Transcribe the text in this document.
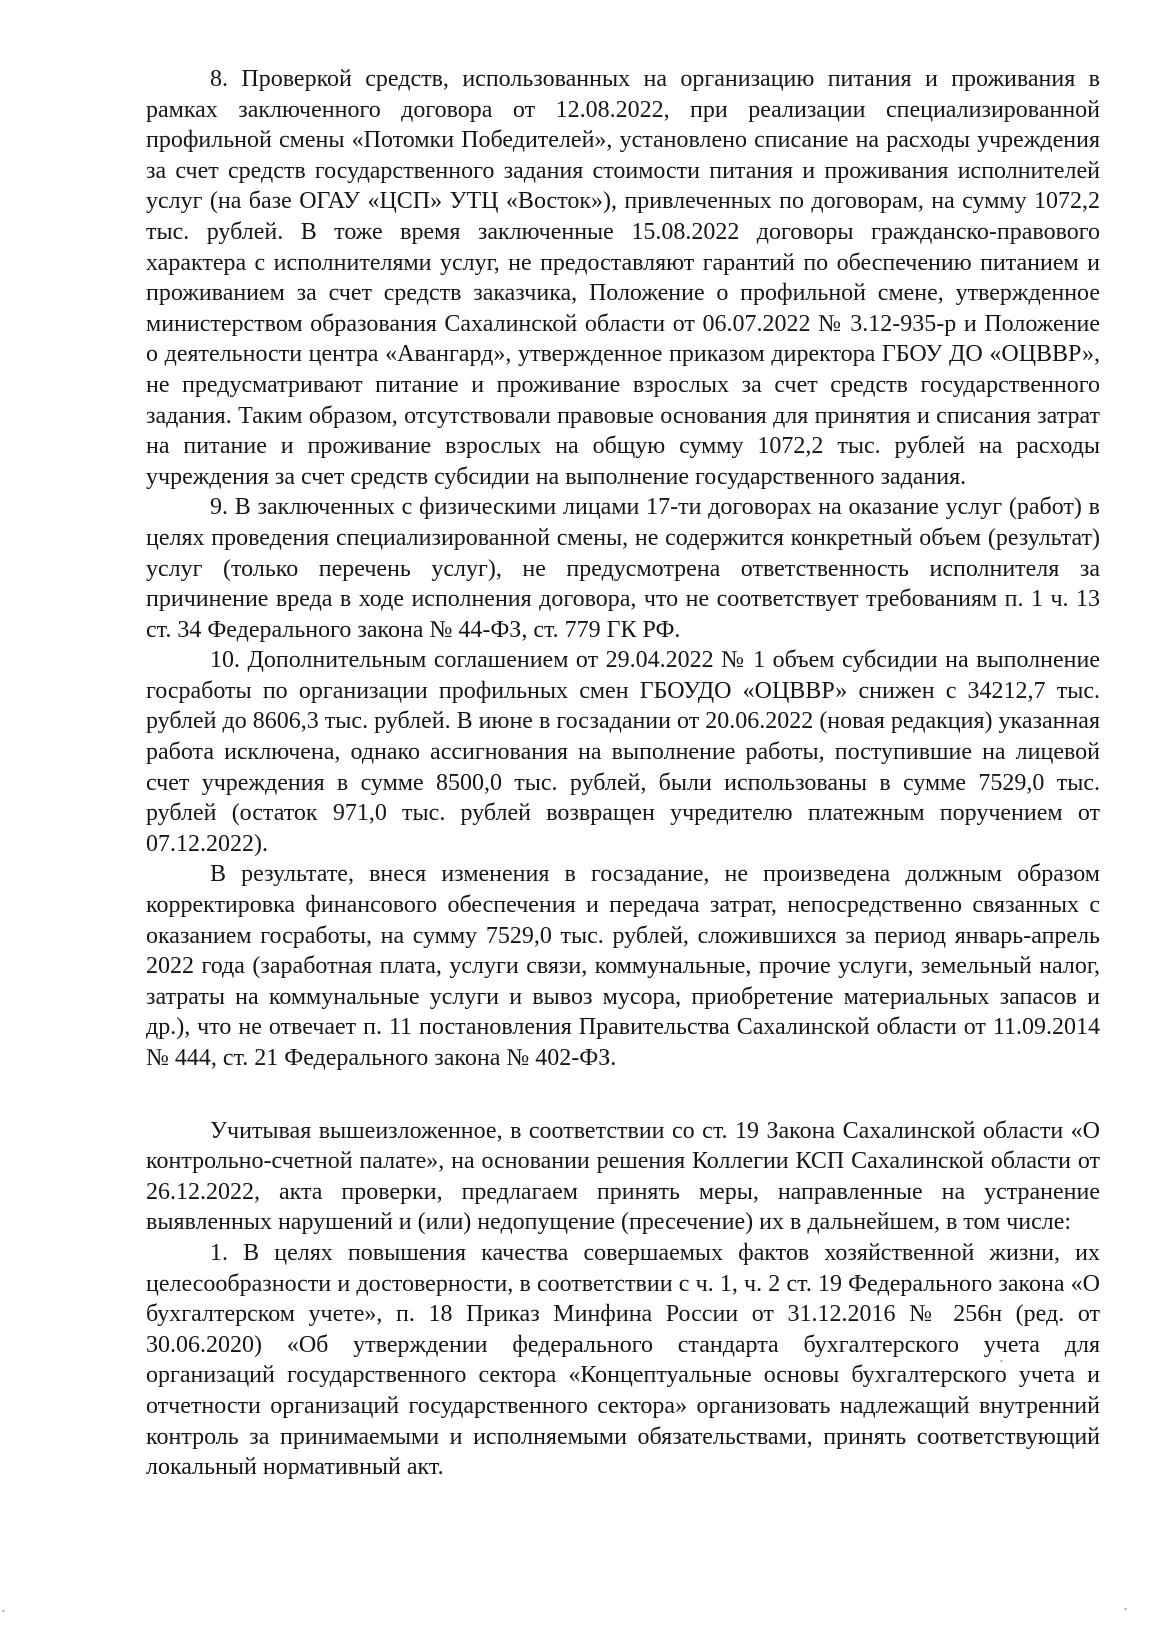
8. Проверкой средств, использованных на организацию питания и проживания в рамках заключенного договора от 12.08.2022, при реализации специализированной профильной смены «Потомки Победителей», установлено списание на расходы учреждения за счет средств государственного задания стоимости питания и проживания исполнителей услуг (на базе ОГАУ «ЦСП» УТЦ «Восток»), привлеченных по договорам, на сумму 1072,2 тыс. рублей. В тоже время заключенные 15.08.2022 договоры гражданско-правового характера с исполнителями услуг, не предоставляют гарантий по обеспечению питанием и проживанием за счет средств заказчика, Положение о профильной смене, утвержденное министерством образования Сахалинской области от 06.07.2022 № 3.12-935-р и Положение о деятельности центра «Авангард», утвержденное приказом директора ГБОУ ДО «ОЦВВР», не предусматривают питание и проживание взрослых за счет средств государственного задания. Таким образом, отсутствовали правовые основания для принятия и списания затрат на питание и проживание взрослых на общую сумму 1072,2 тыс. рублей на расходы учреждения за счет средств субсидии на выполнение государственного задания.

9. В заключенных с физическими лицами 17-ти договорах на оказание услуг (работ) в целях проведения специализированной смены, не содержится конкретный объем (результат) услуг (только перечень услуг), не предусмотрена ответственность исполнителя за причинение вреда в ходе исполнения договора, что не соответствует требованиям п. 1 ч. 13 ст. 34 Федерального закона № 44-ФЗ, ст. 779 ГК РФ.

10. Дополнительным соглашением от 29.04.2022 № 1 объем субсидии на выполнение госработы по организации профильных смен ГБОУДО «ОЦВВР» снижен с 34212,7 тыс. рублей до 8606,3 тыс. рублей. В июне в госзадании от 20.06.2022 (новая редакция) указанная работа исключена, однако ассигнования на выполнение работы, поступившие на лицевой счет учреждения в сумме 8500,0 тыс. рублей, были использованы в сумме 7529,0 тыс. рублей (остаток 971,0 тыс. рублей возвращен учредителю платежным поручением от 07.12.2022).

В результате, внеся изменения в госзадание, не произведена должным образом корректировка финансового обеспечения и передача затрат, непосредственно связанных с оказанием госработы, на сумму 7529,0 тыс. рублей, сложившихся за период январь-апрель 2022 года (заработная плата, услуги связи, коммунальные, прочие услуги, земельный налог, затраты на коммунальные услуги и вывоз мусора, приобретение материальных запасов и др.), что не отвечает п. 11 постановления Правительства Сахалинской области от 11.09.2014 № 444, ст. 21 Федерального закона № 402-ФЗ.

Учитывая вышеизложенное, в соответствии со ст. 19 Закона Сахалинской области «О контрольно-счетной палате», на основании решения Коллегии КСП Сахалинской области от 26.12.2022, акта проверки, предлагаем принять меры, направленные на устранение выявленных нарушений и (или) недопущение (пресечение) их в дальнейшем, в том числе:

1. В целях повышения качества совершаемых фактов хозяйственной жизни, их целесообразности и достоверности, в соответствии с ч. 1, ч. 2 ст. 19 Федерального закона «О бухгалтерском учете», п. 18 Приказ Минфина России от 31.12.2016 № 256н (ред. от 30.06.2020) «Об утверждении федерального стандарта бухгалтерского учета для организаций государственного сектора «Концептуальные основы бухгалтерского учета и отчетности организаций государственного сектора» организовать надлежащий внутренний контроль за принимаемыми и исполняемыми обязательствами, принять соответствующий локальный нормативный акт.
